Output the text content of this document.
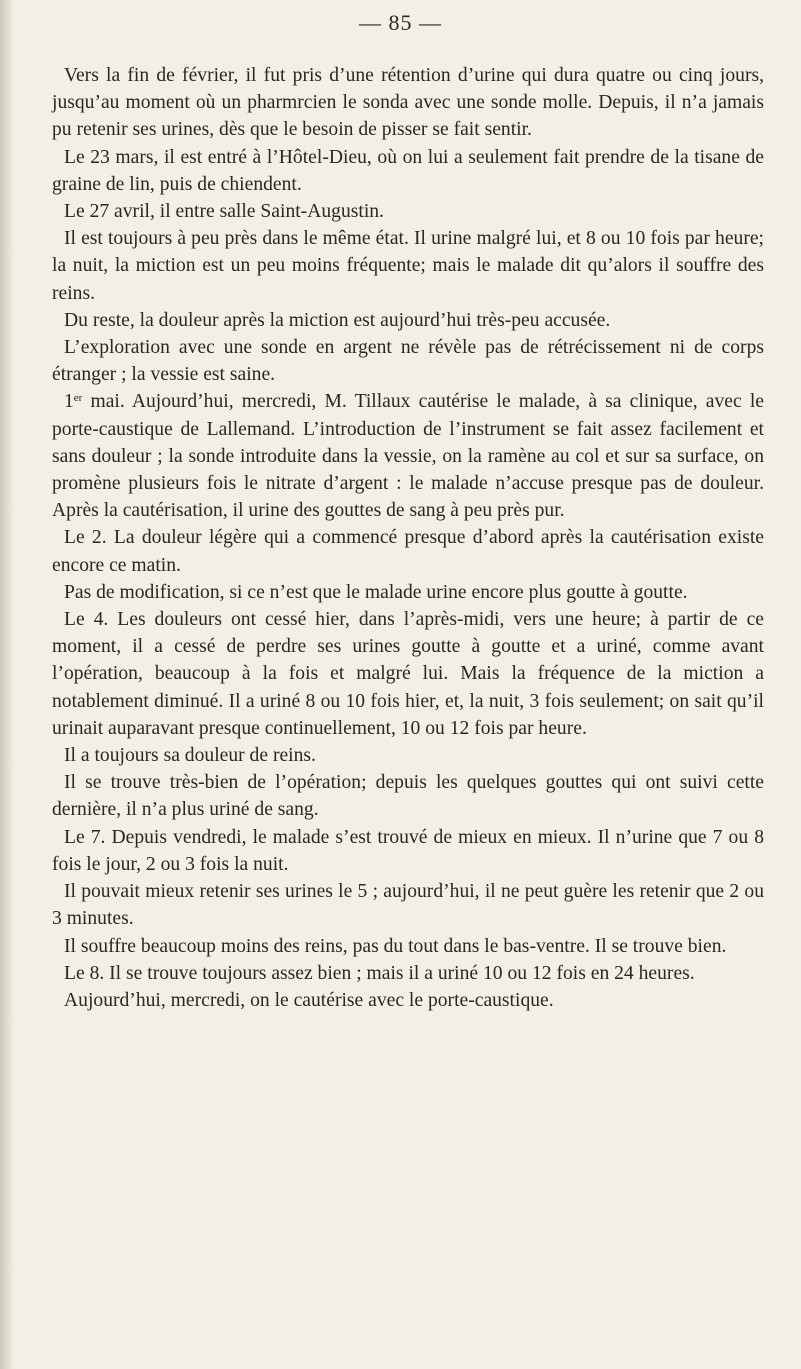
— 85 —

Vers la fin de février, il fut pris d’une rétention d’urine qui dura quatre ou cinq jours, jusqu’au moment où un pharmrcien le sonda avec une sonde molle. Depuis, il n’a jamais pu retenir ses urines, dès que le besoin de pisser se fait sentir.

Le 23 mars, il est entré à l’Hôtel-Dieu, où on lui a seulement fait prendre de la tisane de graine de lin, puis de chiendent.

Le 27 avril, il entre salle Saint-Augustin.

Il est toujours à peu près dans le même état. Il urine malgré lui, et 8 ou 10 fois par heure; la nuit, la miction est un peu moins fréquente; mais le malade dit qu’alors il souffre des reins.

Du reste, la douleur après la miction est aujourd’hui très-peu accusée.

L’exploration avec une sonde en argent ne révèle pas de rétrécissement ni de corps étranger ; la vessie est saine.

1er mai. Aujourd’hui, mercredi, M. Tillaux cautérise le malade, à sa clinique, avec le porte-caustique de Lallemand. L’introduction de l’instrument se fait assez facilement et sans douleur ; la sonde introduite dans la vessie, on la ramène au col et sur sa surface, on promène plusieurs fois le nitrate d’argent : le malade n’accuse presque pas de douleur. Après la cautérisation, il urine des gouttes de sang à peu près pur.

Le 2. La douleur légère qui a commencé presque d’abord après la cautérisation existe encore ce matin.

Pas de modification, si ce n’est que le malade urine encore plus goutte à goutte.

Le 4. Les douleurs ont cessé hier, dans l’après-midi, vers une heure; à partir de ce moment, il a cessé de perdre ses urines goutte à goutte et a uriné, comme avant l’opération, beaucoup à la fois et malgré lui. Mais la fréquence de la miction a notablement diminué. Il a uriné 8 ou 10 fois hier, et, la nuit, 3 fois seulement; on sait qu’il urinait auparavant presque continuellement, 10 ou 12 fois par heure.

Il a toujours sa douleur de reins.

Il se trouve très-bien de l’opération; depuis les quelques gouttes qui ont suivi cette dernière, il n’a plus uriné de sang.

Le 7. Depuis vendredi, le malade s’est trouvé de mieux en mieux. Il n’urine que 7 ou 8 fois le jour, 2 ou 3 fois la nuit.

Il pouvait mieux retenir ses urines le 5 ; aujourd’hui, il ne peut guère les retenir que 2 ou 3 minutes.

Il souffre beaucoup moins des reins, pas du tout dans le bas-ventre. Il se trouve bien.

Le 8. Il se trouve toujours assez bien ; mais il a uriné 10 ou 12 fois en 24 heures.

Aujourd’hui, mercredi, on le cautérise avec le porte-caustique.
